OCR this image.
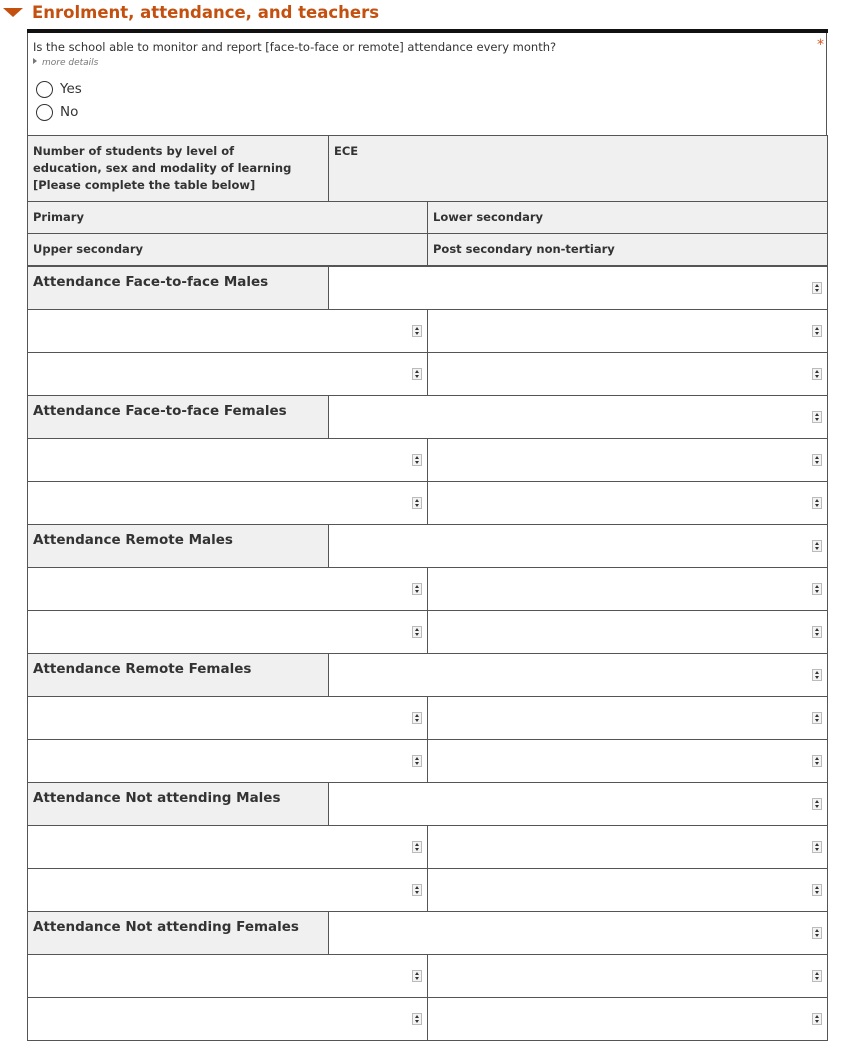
Enrolment, attendance, and teachers
Is the school able to monitor and report [face-to-face or remote] attendance every month?	*
more details
Yes
No
Number of students by level of education, sex and modality of learning [Please complete the table below]
ECE
Primary	Lower secondary
Upper secondary	Post secondary non-tertiary
Attendance Face-to-face Males
Attendance Face-to-face Females
Attendance Remote Males
Attendance Remote Females
Attendance Not attending Males
Attendance Not attending Females
